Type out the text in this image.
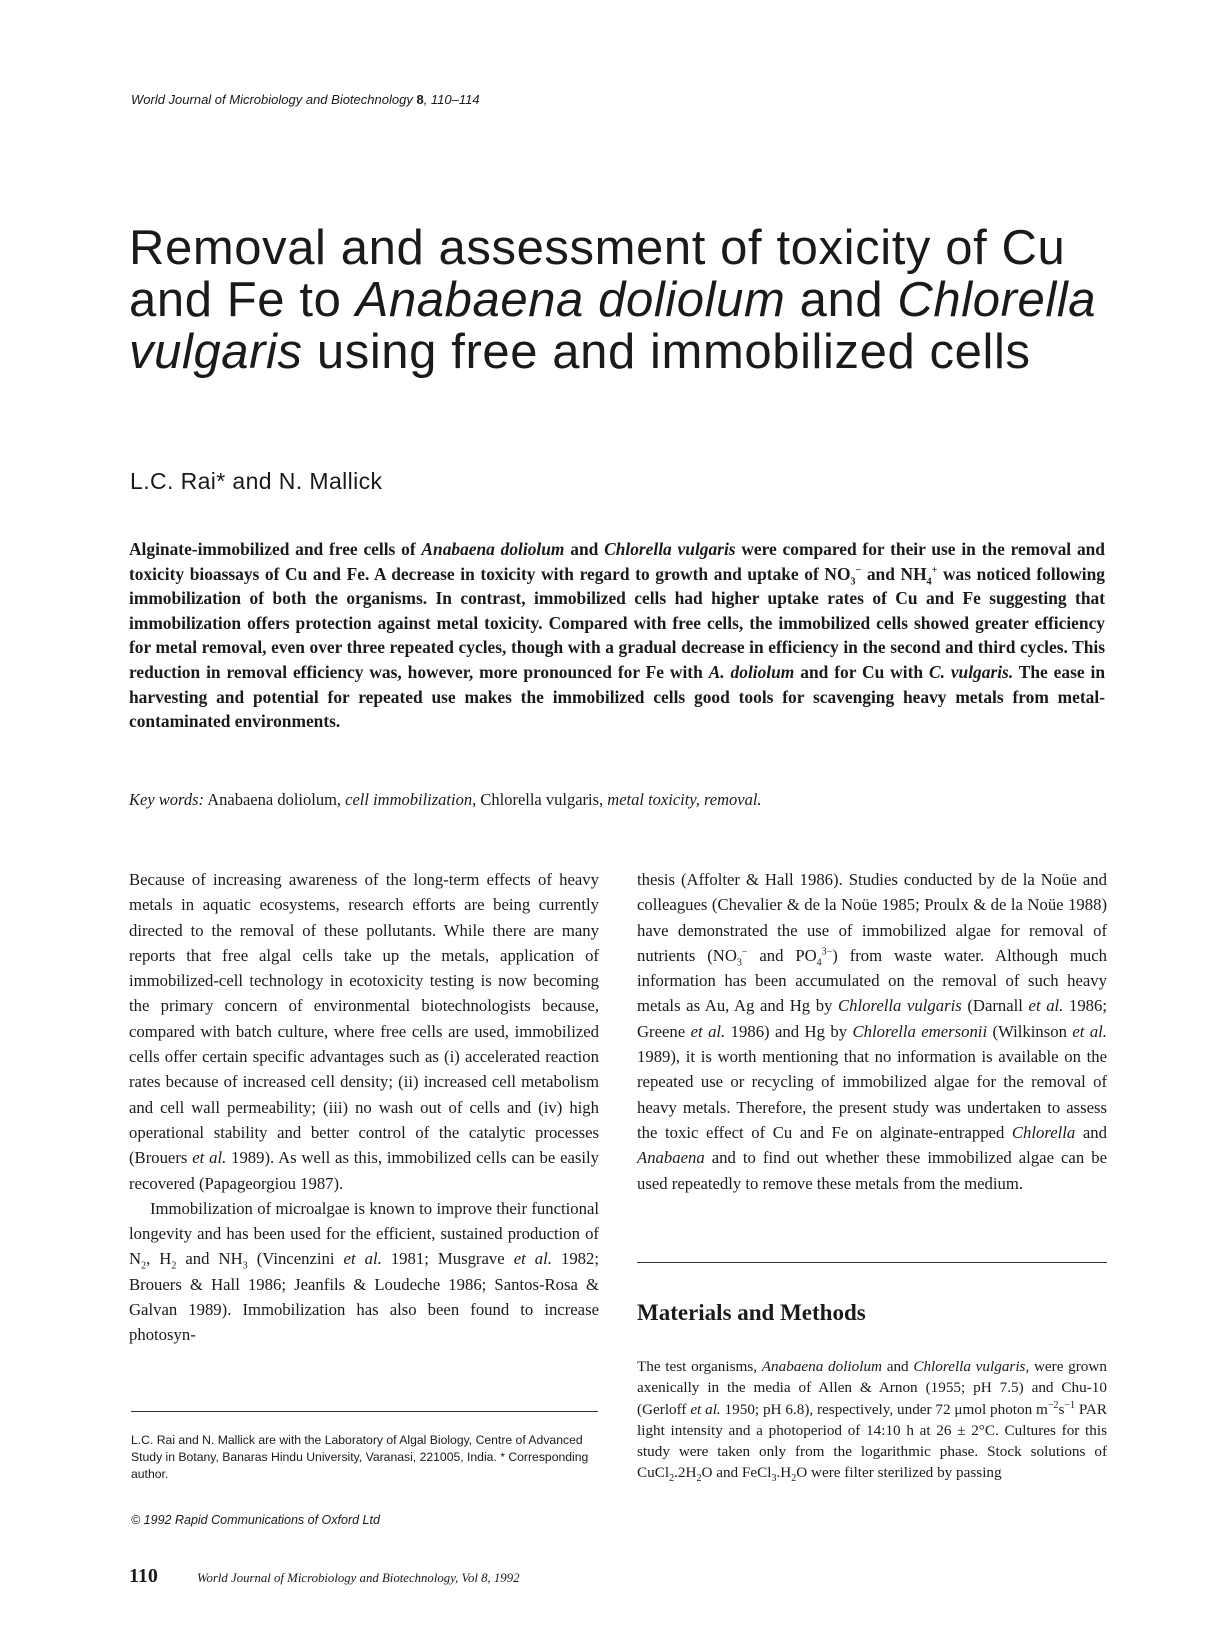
World Journal of Microbiology and Biotechnology 8, 110–114
Removal and assessment of toxicity of Cu
and Fe to Anabaena doliolum and Chlorella
vulgaris using free and immobilized cells
L.C. Rai* and N. Mallick

Alginate-immobilized and free cells of Anabaena doliolum and Chlorella vulgaris were compared for their use in the removal and toxicity bioassays of Cu and Fe. A decrease in toxicity with regard to growth and uptake of $NO_3^-$ and $NH_4^+$ was noticed following immobilization of both the organisms. In contrast, immobilized cells had higher uptake rates of Cu and Fe suggesting that immobilization offers protection against metal toxicity. Compared with free cells, the immobilized cells showed greater efficiency for metal removal, even over three repeated cycles, though with a gradual decrease in efficiency in the second and third cycles. This reduction in removal efficiency was, however, more pronounced for Fe with A. doliolum and for Cu with C. vulgaris. The ease in harvesting and potential for repeated use makes the immobilized cells good tools for scavenging heavy metals from metal-contaminated environments.

Key words: Anabaena doliolum, cell immobilization, Chlorella vulgaris, metal toxicity, removal.

Because of increasing awareness of the long-term effects of heavy metals in aquatic ecosystems, research efforts are being currently directed to the removal of these pollutants. While there are many reports that free algal cells take up the metals, application of immobilized-cell technology in ecotoxicity testing is now becoming the primary concern of environmental biotechnologists because, compared with batch culture, where free cells are used, immobilized cells offer certain specific advantages such as (i) accelerated reaction rates because of increased cell density; (ii) increased cell metabolism and cell wall permeability; (iii) no wash out of cells and (iv) high operational stability and better control of the catalytic processes (Brouers et al. 1989). As well as this, immobilized cells can be easily recovered (Papageorgiou 1987).

Immobilization of microalgae is known to improve their functional longevity and has been used for the efficient, sustained production of $N_2$, $H_2$ and $NH_3$ (Vincenzini et al. 1981; Musgrave et al. 1982; Brouers & Hall 1986; Jeanfils & Loudeche 1986; Santos-Rosa & Galvan 1989). Immobilization has also been found to increase photosyn-

thesis (Affolter & Hall 1986). Studies conducted by de la Noüe and colleagues (Chevalier & de la Noüe 1985; Proulx & de la Noüe 1988) have demonstrated the use of immobilized algae for removal of nutrients ($NO_3^-$ and $PO_4^{3-}$) from waste water. Although much information has been accumulated on the removal of such heavy metals as Au, Ag and Hg by Chlorella vulgaris (Darnall et al. 1986; Greene et al. 1986) and Hg by Chlorella emersonii (Wilkinson et al. 1989), it is worth mentioning that no information is available on the repeated use or recycling of immobilized algae for the removal of heavy metals. Therefore, the present study was undertaken to assess the toxic effect of Cu and Fe on alginate-entrapped Chlorella and Anabaena and to find out whether these immobilized algae can be used repeatedly to remove these metals from the medium.

Materials and Methods

The test organisms, Anabaena doliolum and Chlorella vulgaris, were grown axenically in the media of Allen & Arnon (1955; pH 7.5) and Chu-10 (Gerloff et al. 1950; pH 6.8), respectively, under 72 μmol photon $m^{-2}s^{-1}$ PAR light intensity and a photoperiod of 14:10 h at 26 ± 2°C. Cultures for this study were taken only from the logarithmic phase. Stock solutions of $CuCl_2.2H_2O$ and $FeCl_3.H_2O$ were filter sterilized by passing

L.C. Rai and N. Mallick are with the Laboratory of Algal Biology, Centre of Advanced Study in Botany, Banaras Hindu University, Varanasi, 221005, India. * Corresponding author.

© 1992 Rapid Communications of Oxford Ltd
110	World Journal of Microbiology and Biotechnology, Vol 8, 1992
